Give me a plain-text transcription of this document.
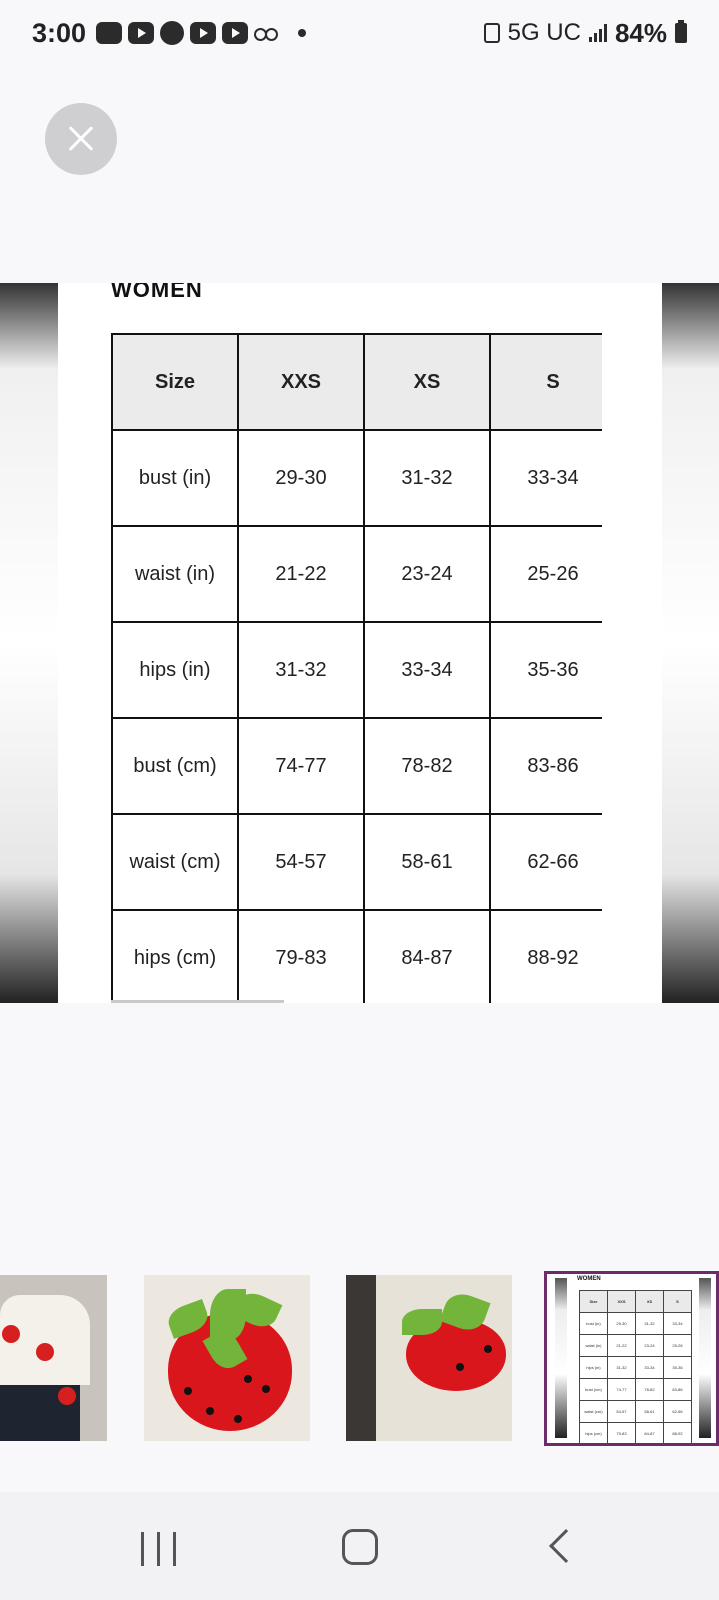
3:00	5G UC 84%
WOMEN
Size	XXS	XS	S
bust (in)	29-30	31-32	33-34
waist (in)	21-22	23-24	25-26
hips (in)	31-32	33-34	35-36
bust (cm)	74-77	78-82	83-86
waist (cm)	54-57	58-61	62-66
hips (cm)	79-83	84-87	88-92
WOMEN
Size	XXS	XS	S
bust (in)	29-30	31-32	33-34
waist (in)	21-22	23-24	25-26
hips (in)	31-32	33-34	35-36
bust (cm)	74-77	78-82	83-86
waist (cm)	54-57	58-61	62-66
hips (cm)	79-83	84-87	88-92
